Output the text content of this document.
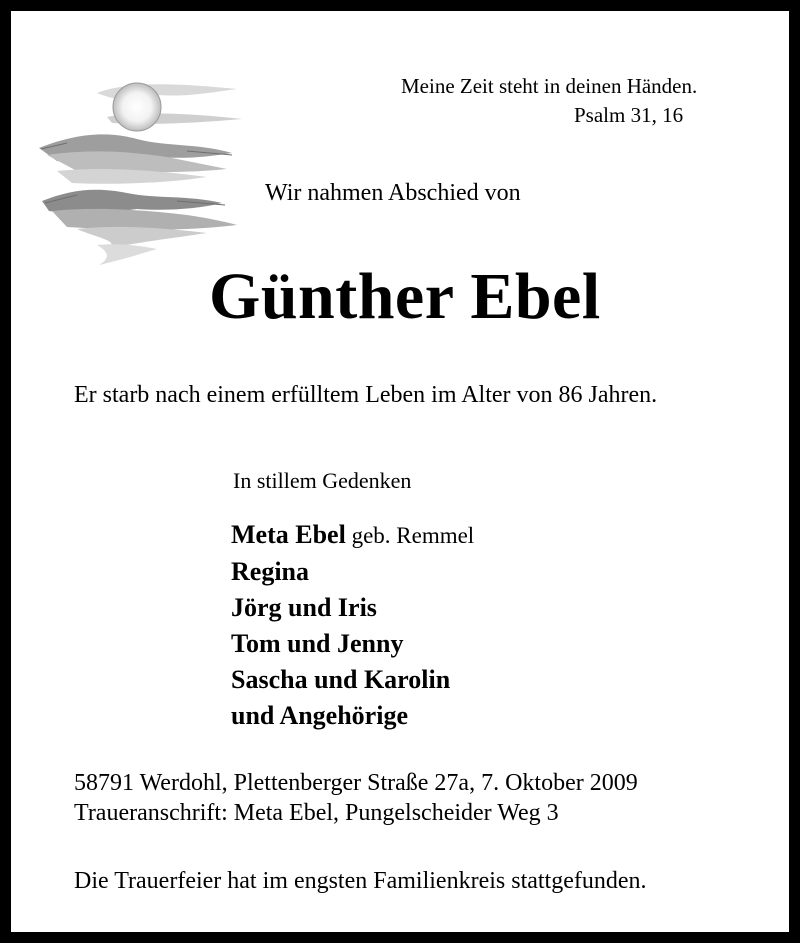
Meine Zeit steht in deinen Händen.

Psalm 31, 16

Wir nahmen Abschied von

Günther Ebel

Er starb nach einem erfülltem Leben im Alter von 86 Jahren.

In stillem Gedenken

Meta Ebel geb. Remmel
Regina
Jörg und Iris
Tom und Jenny
Sascha und Karolin
und Angehörige

58791 Werdohl, Plettenberger Straße 27a, 7. Oktober 2009

Traueranschrift: Meta Ebel, Pungelscheider Weg 3

Die Trauerfeier hat im engsten Familienkreis stattgefunden.
